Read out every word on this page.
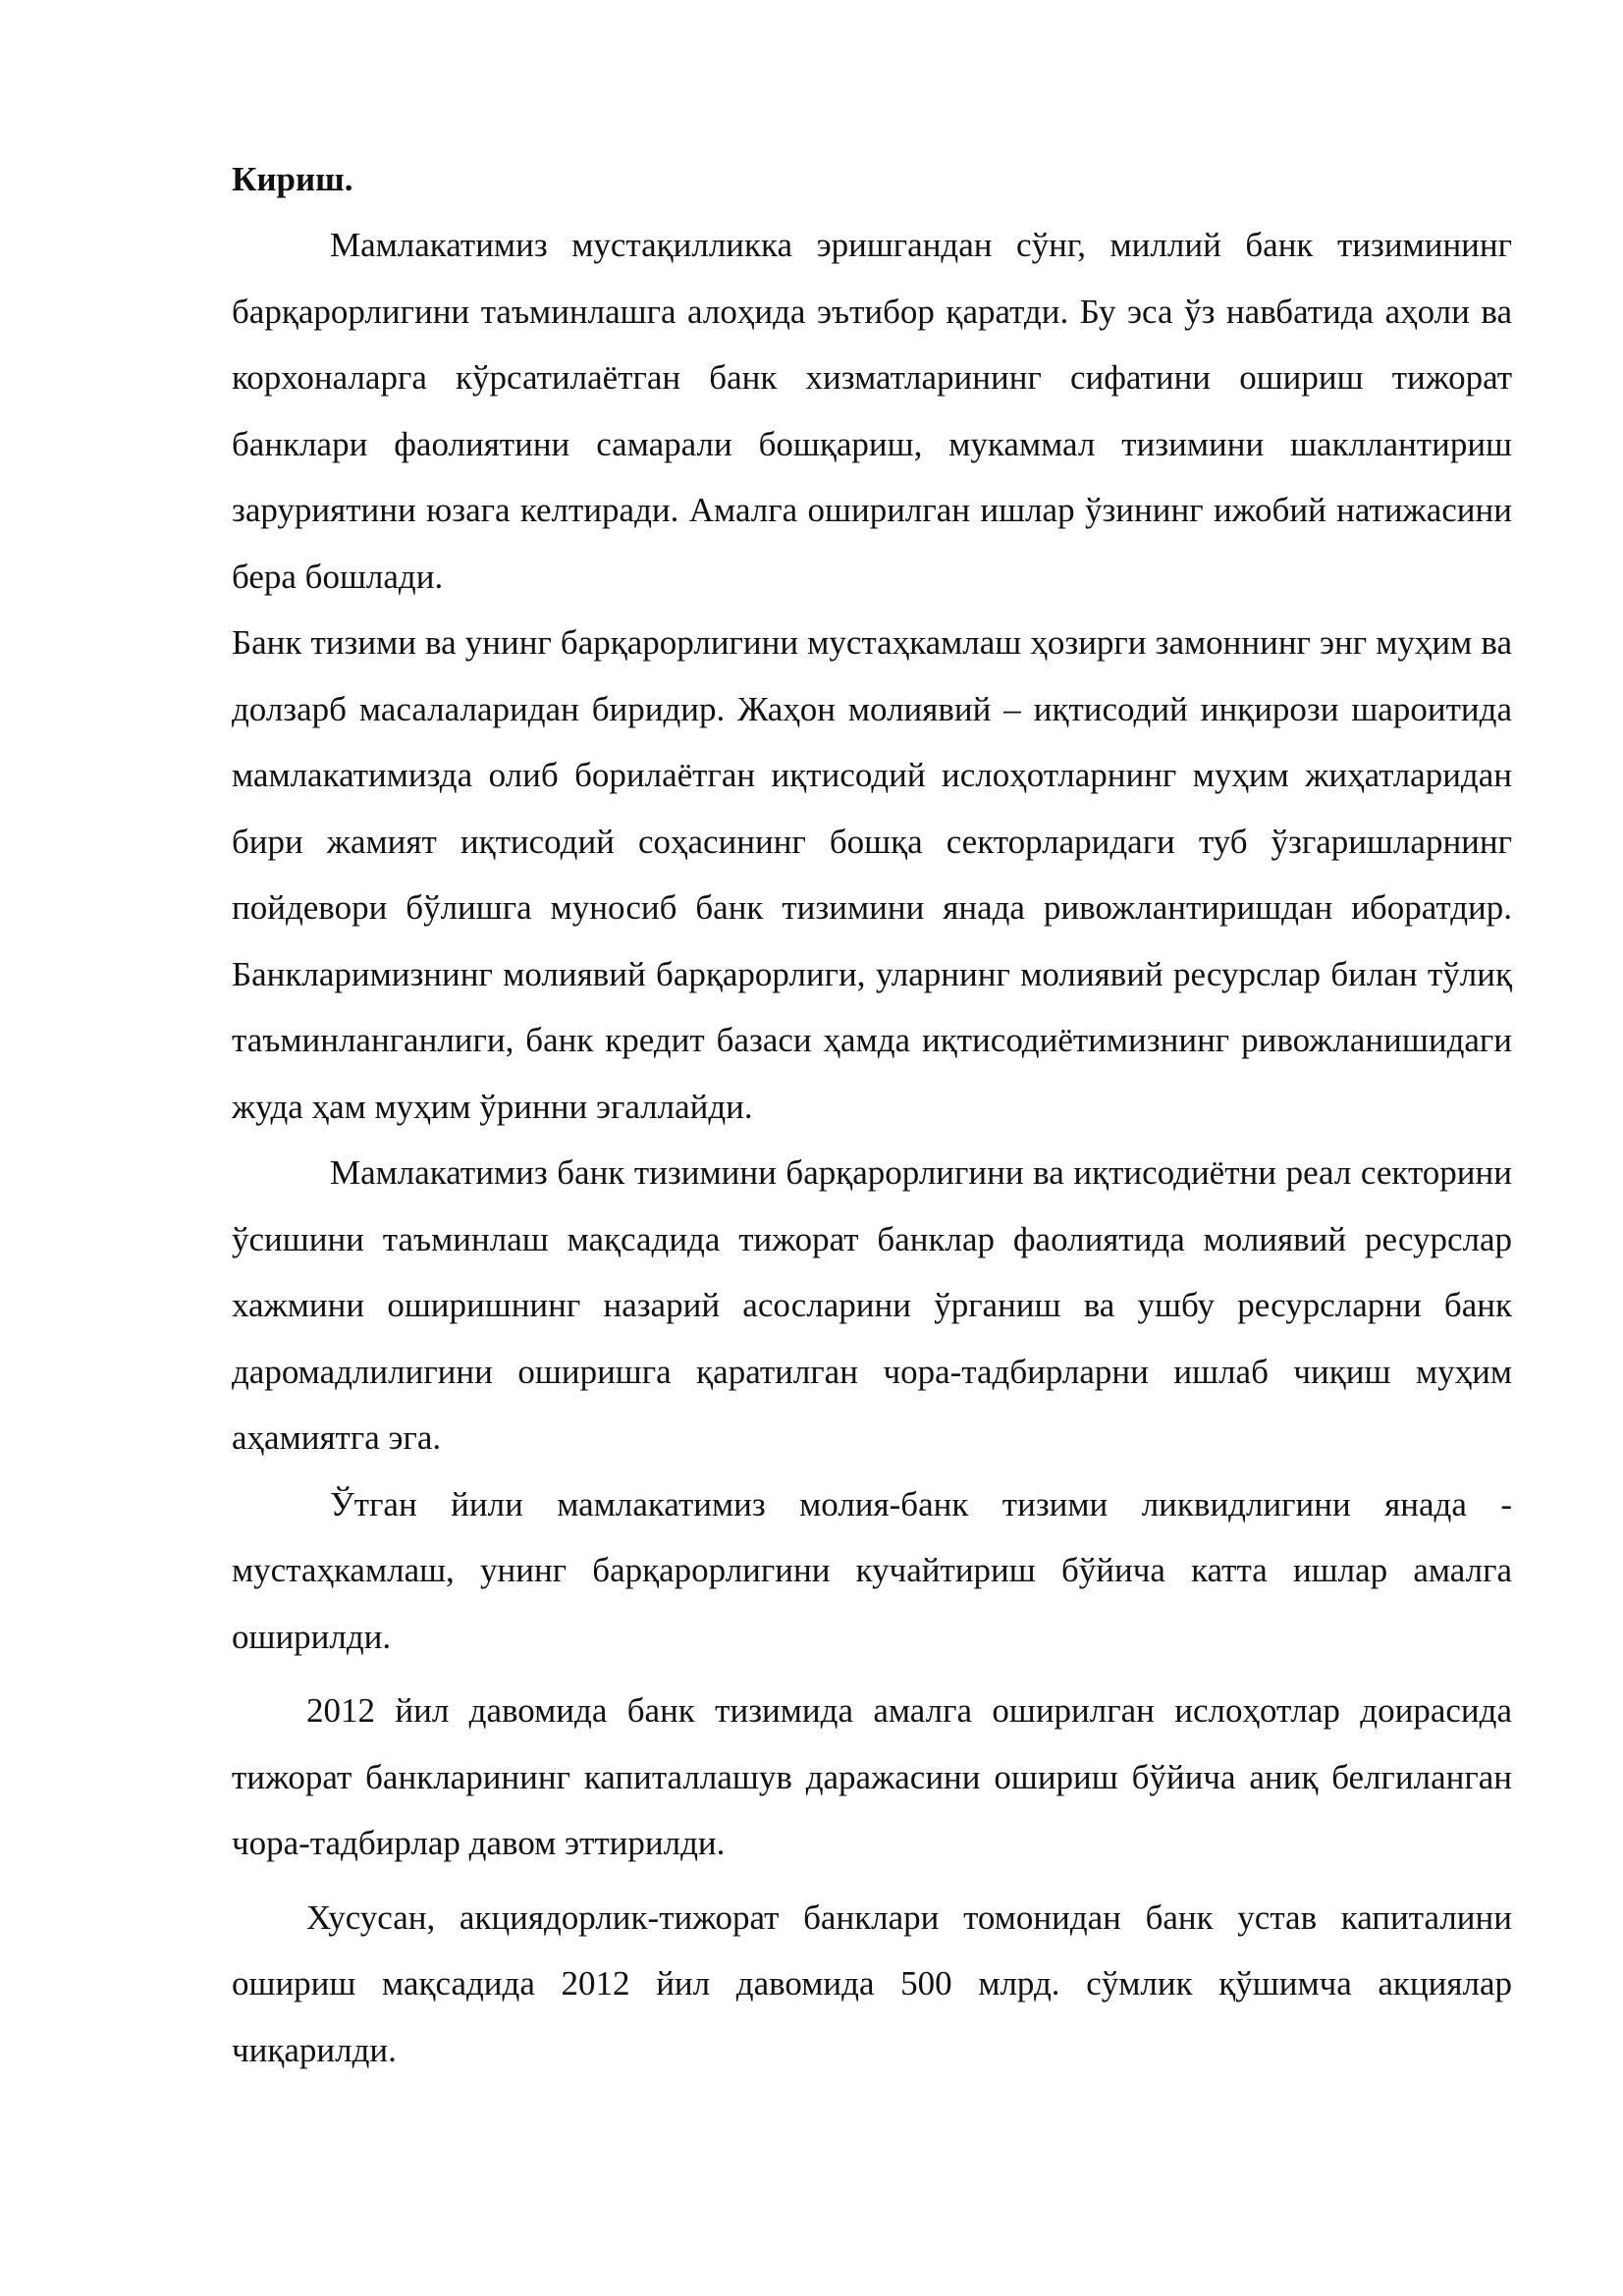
Кириш.

Мамлакатимиз мустақилликка эришгандан сўнг, миллий банк тизимининг барқарорлигини таъминлашга алоҳида эътибор қаратди. Бу эса ўз навбатида аҳоли ва корхоналарга кўрсатилаётган банк хизматларининг сифатини ошириш тижорат банклари фаолиятини самарали бошқариш, мукаммал тизимини шакллантириш заруриятини юзага келтиради. Амалга оширилган ишлар ўзининг ижобий натижасини бера бошлади.

Банк тизими ва унинг барқарорлигини мустаҳкамлаш ҳозирги замоннинг энг муҳим ва долзарб масалаларидан биридир. Жаҳон молиявий – иқтисодий инқирози шароитида мамлакатимизда олиб борилаётган иқтисодий ислоҳотларнинг муҳим жиҳатларидан бири жамият иқтисодий соҳасининг бошқа секторларидаги туб ўзгаришларнинг пойдевори бўлишга муносиб банк тизимини янада ривожлантиришдан иборатдир. Банкларимизнинг молиявий барқарорлиги, уларнинг молиявий ресурслар билан тўлиқ таъминланганлиги, банк кредит базаси ҳамда иқтисодиётимизнинг ривожланишидаги жуда ҳам муҳим ўринни эгаллайди.

Мамлакатимиз банк тизимини барқарорлигини ва иқтисодиётни реал секторини ўсишини таъминлаш мақсадида тижорат банклар фаолиятида молиявий ресурслар хажмини оширишнинг назарий асосларини ўрганиш ва ушбу ресурсларни банк даромадлилигини оширишга қаратилган чора-тадбирларни ишлаб чиқиш муҳим аҳамиятга эга.

Ўтган йили мамлакатимиз молия-банк тизими ликвидлигини янада - мустаҳкамлаш, унинг барқарорлигини кучайтириш бўйича катта ишлар амалга оширилди.

2012 йил давомида банк тизимида амалга оширилган ислоҳотлар доирасида тижорат банкларининг капиталлашув даражасини ошириш бўйича аниқ белгиланган чора-тадбирлар давом эттирилди.

Хусусан, акциядорлик-тижорат банклари томонидан банк устав капиталини ошириш мақсадида 2012 йил давомида 500 млрд. сўмлик қўшимча акциялар чиқарилди.
